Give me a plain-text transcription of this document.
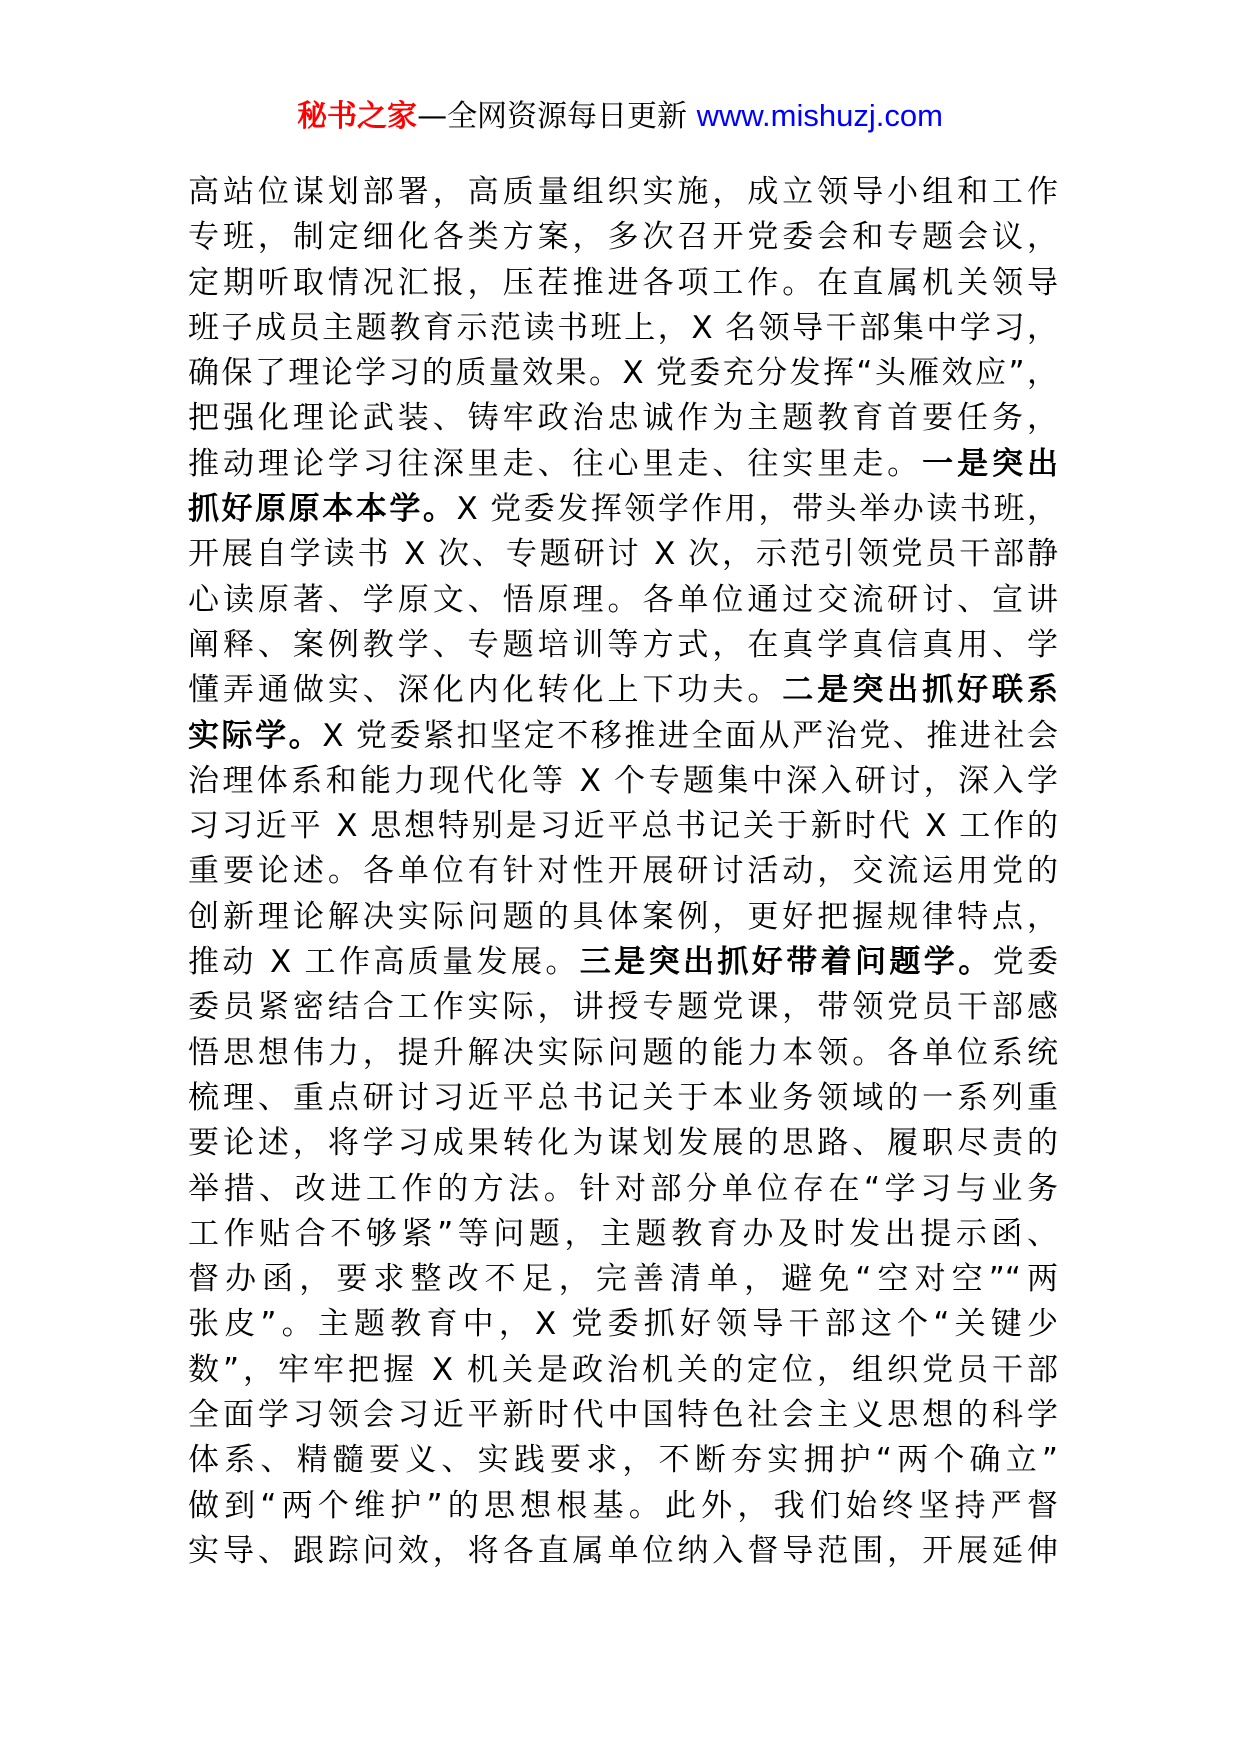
秘书之家—全网资源每日更新 www.mishuzj.com
高站位谋划部署，高质量组织实施，成立领导小组和工作
专班，制定细化各类方案，多次召开党委会和专题会议，
定期听取情况汇报，压茬推进各项工作。在直属机关领导
班子成员主题教育示范读书班上，X 名领导干部集中学习，
确保了理论学习的质量效果。X 党委充分发挥“头雁效应”，
把强化理论武装、铸牢政治忠诚作为主题教育首要任务，
推动理论学习往深里走、往心里走、往实里走。一是突出
抓好原原本本学。X 党委发挥领学作用，带头举办读书班，
开展自学读书 X 次、专题研讨 X 次，示范引领党员干部静
心读原著、学原文、悟原理。各单位通过交流研讨、宣讲
阐释、案例教学、专题培训等方式，在真学真信真用、学
懂弄通做实、深化内化转化上下功夫。二是突出抓好联系
实际学。X 党委紧扣坚定不移推进全面从严治党、推进社会
治理体系和能力现代化等 X 个专题集中深入研讨，深入学
习习近平 X 思想特别是习近平总书记关于新时代 X 工作的
重要论述。各单位有针对性开展研讨活动，交流运用党的
创新理论解决实际问题的具体案例，更好把握规律特点，
推动 X 工作高质量发展。三是突出抓好带着问题学。党委
委员紧密结合工作实际，讲授专题党课，带领党员干部感
悟思想伟力，提升解决实际问题的能力本领。各单位系统
梳理、重点研讨习近平总书记关于本业务领域的一系列重
要论述，将学习成果转化为谋划发展的思路、履职尽责的
举措、改进工作的方法。针对部分单位存在“学习与业务
工作贴合不够紧”等问题，主题教育办及时发出提示函、
督办函，要求整改不足，完善清单，避免“空对空”“两
张皮”。主题教育中，X 党委抓好领导干部这个“关键少
数”，牢牢把握 X 机关是政治机关的定位，组织党员干部
全面学习领会习近平新时代中国特色社会主义思想的科学
体系、精髓要义、实践要求，不断夯实拥护“两个确立”
做到“两个维护”的思想根基。此外，我们始终坚持严督
实导、跟踪问效，将各直属单位纳入督导范围，开展延伸
